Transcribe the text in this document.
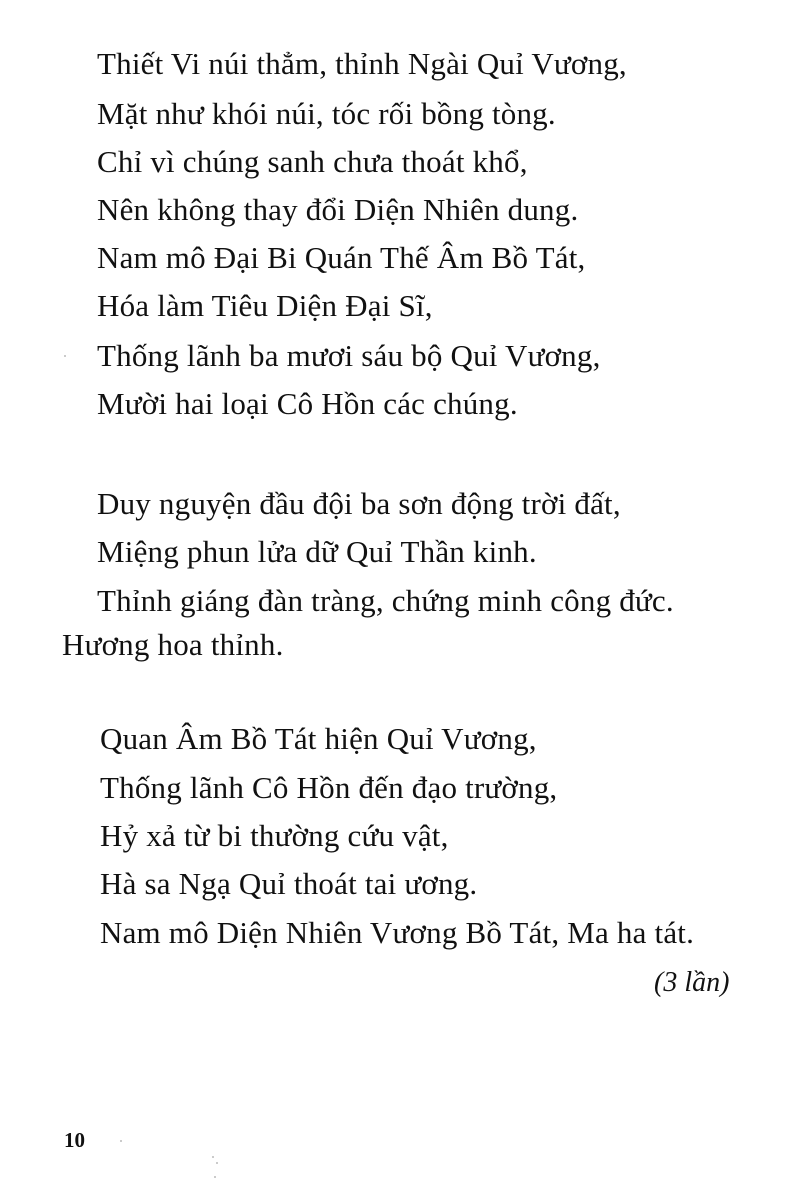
Thiết Vi núi thẳm, thỉnh Ngài Quỉ Vương,
Mặt như khói núi, tóc rối bồng tòng.
Chỉ vì chúng sanh chưa thoát khổ,
Nên không thay đổi Diện Nhiên dung.
Nam mô Đại Bi Quán Thế Âm Bồ Tát,
Hóa làm Tiêu Diện Đại Sĩ,
Thống lãnh ba mươi sáu bộ Quỉ Vương,
Mười hai loại Cô Hồn các chúng.
Duy nguyện đầu đội ba sơn động trời đất,
Miệng phun lửa dữ Quỉ Thần kinh.
Thỉnh giáng đàn tràng, chứng minh công đức.
Hương hoa thỉnh.
Quan Âm Bồ Tát hiện Quỉ Vương,
Thống lãnh Cô Hồn đến đạo trường,
Hỷ xả từ bi thường cứu vật,
Hà sa Ngạ Quỉ thoát tai ương.
Nam mô Diện Nhiên Vương Bồ Tát, Ma ha tát.
(3 lần)
10
